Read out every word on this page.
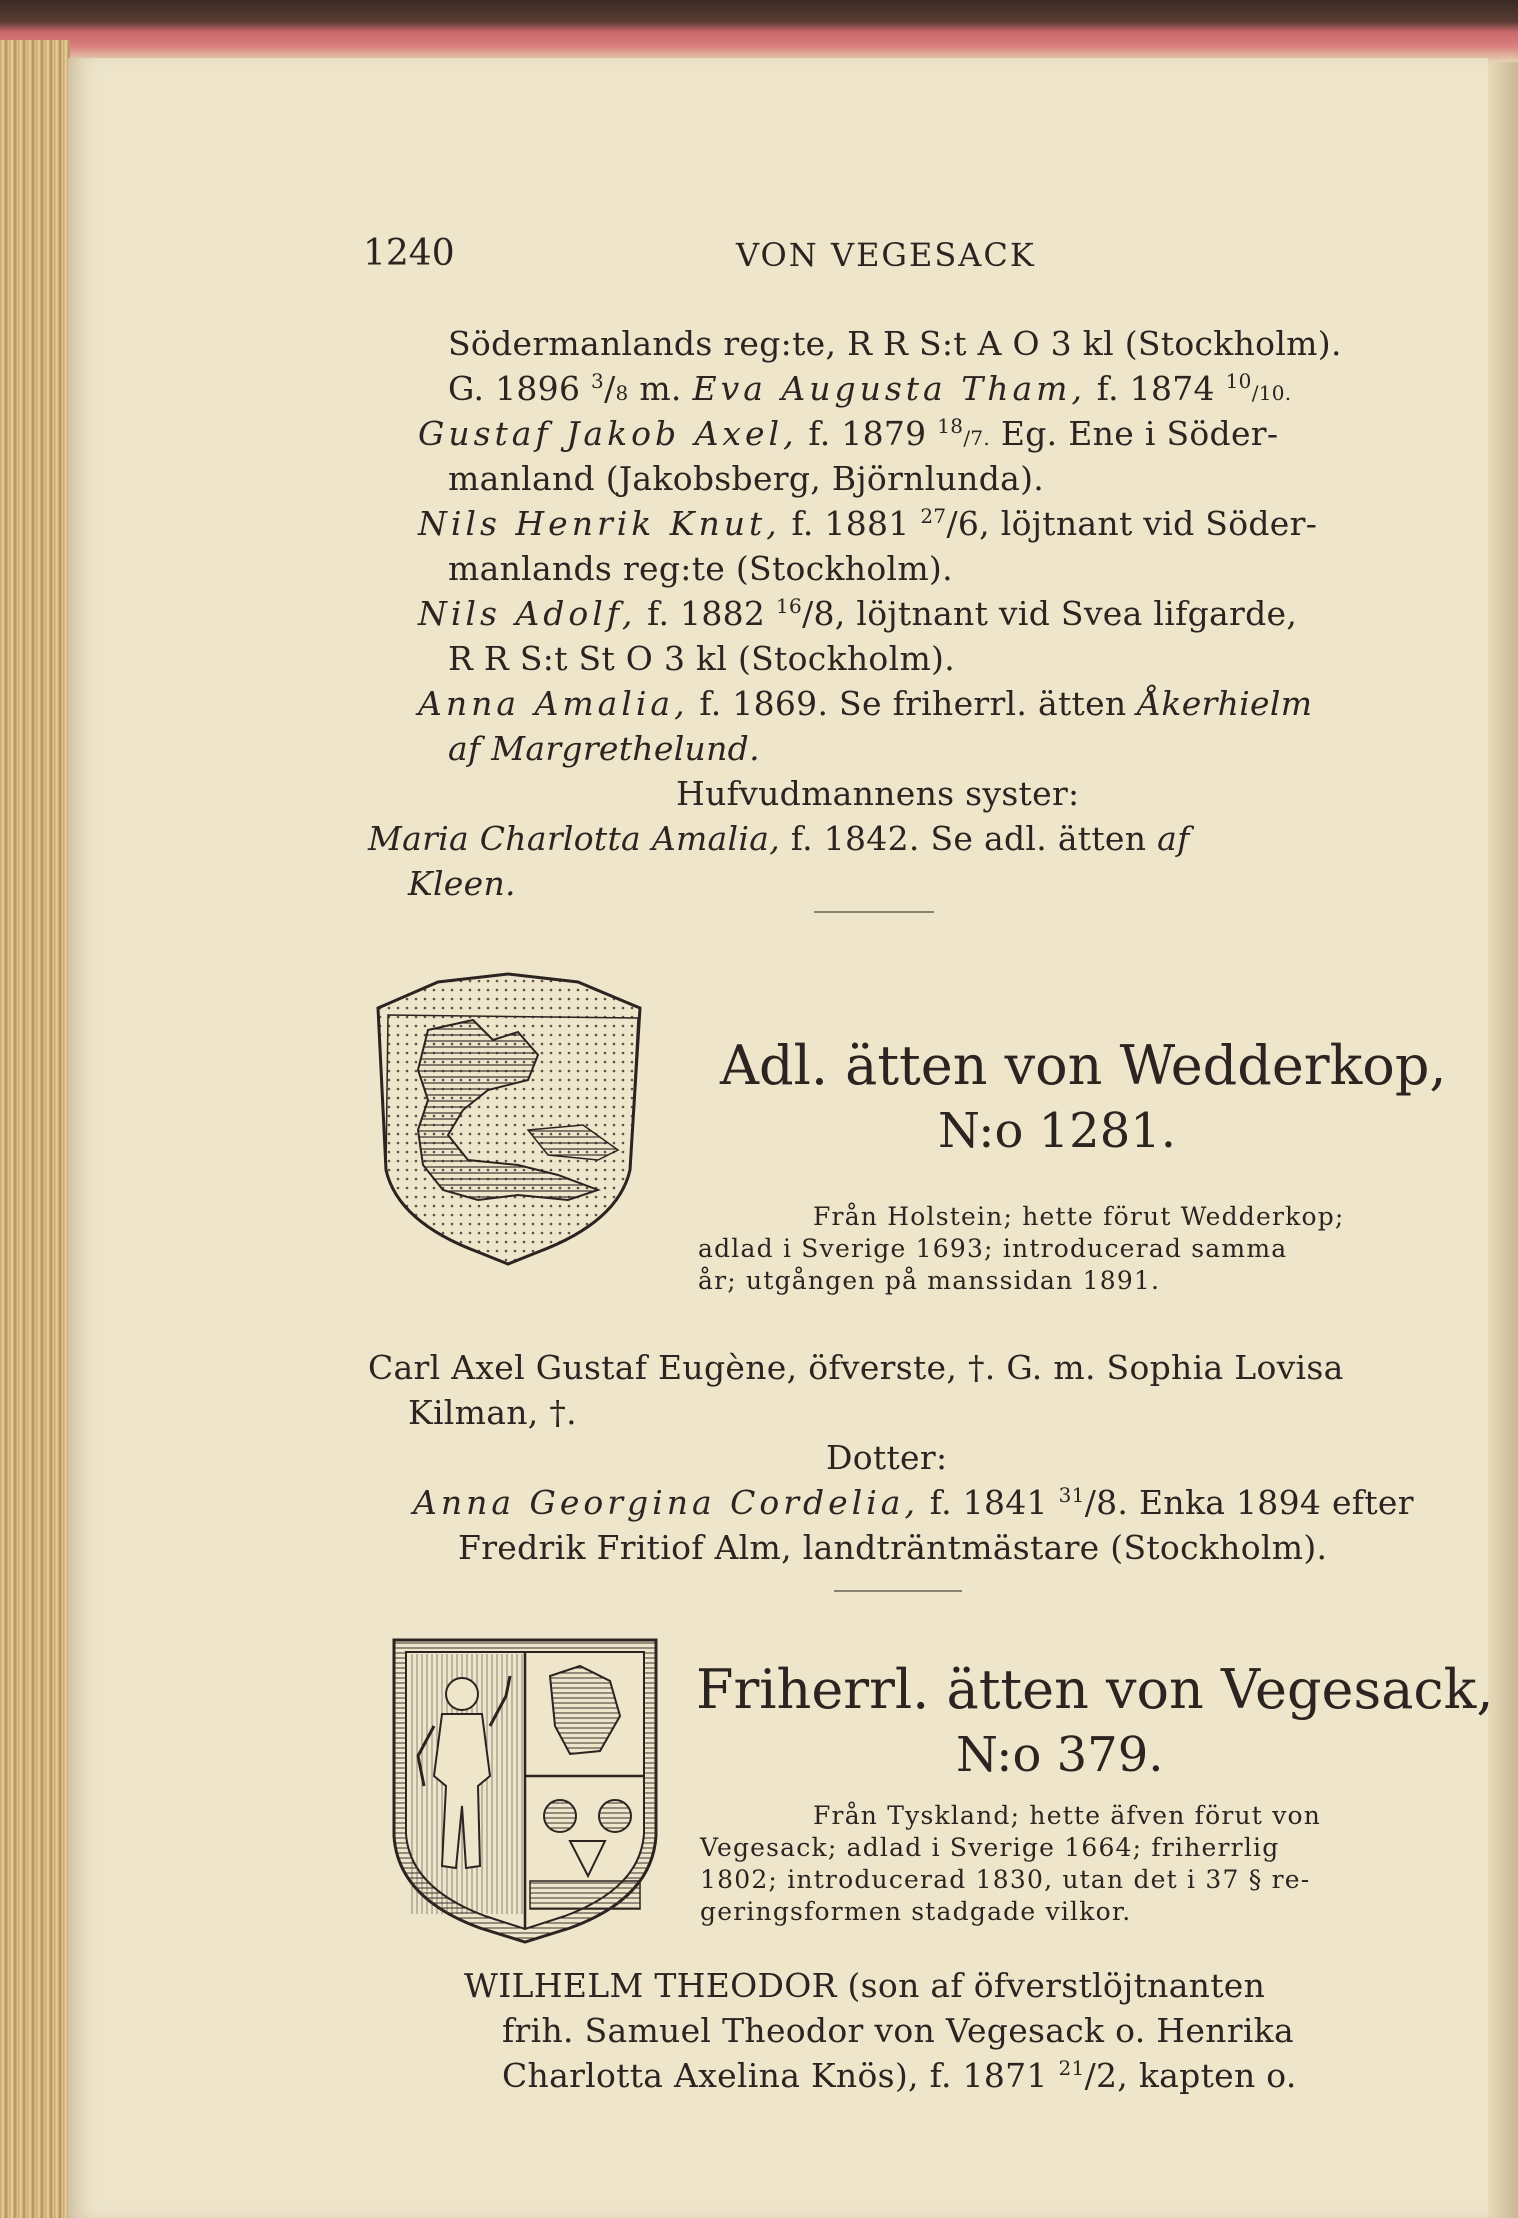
1240	VON VEGESACK
Södermanlands reg:te, R R S:t A O 3 kl (Stockholm).
G. 1896 $^3$/8 m. Eva Augusta Tham, f. 1874 $^{10}$/10.
Gustaf Jakob Axel, f. 1879 $^{18}$/7. Eg. Ene i Söder-
manland (Jakobsberg, Björnlunda).
Nils Henrik Knut, f. 1881 $^{27}$/6, löjtnant vid Söder-
manlands reg:te (Stockholm).
Nils Adolf, f. 1882 $^{16}$/8, löjtnant vid Svea lifgarde,
R R S:t St O 3 kl (Stockholm).
Anna Amalia, f. 1869. Se friherrl. ätten Åkerhielm
af Margrethelund.
Hufvudmannens syster:
Maria Charlotta Amalia, f. 1842. Se adl. ätten af
Kleen.
Adl. ätten von Wedderkop,
N:o 1281.
Från Holstein; hette förut Wedderkop;
adlad i Sverige 1693; introducerad samma
år; utgången på manssidan 1891.
Carl Axel Gustaf Eugène, öfverste, †. G. m. Sophia Lovisa
Kilman, †.
Dotter:
Anna Georgina Cordelia, f. 1841 $^{31}$/8. Enka 1894 efter
Fredrik Fritiof Alm, landträntmästare (Stockholm).
Friherrl. ätten von Vegesack,
N:o 379.
Från Tyskland; hette äfven förut von
Vegesack; adlad i Sverige 1664; friherrlig
1802; introducerad 1830, utan det i 37 § re-
geringsformen stadgade vilkor.
WILHELM THEODOR (son af öfverstlöjtnanten
frih. Samuel Theodor von Vegesack o. Henrika
Charlotta Axelina Knös), f. 1871 $^{21}$/2, kapten o.
